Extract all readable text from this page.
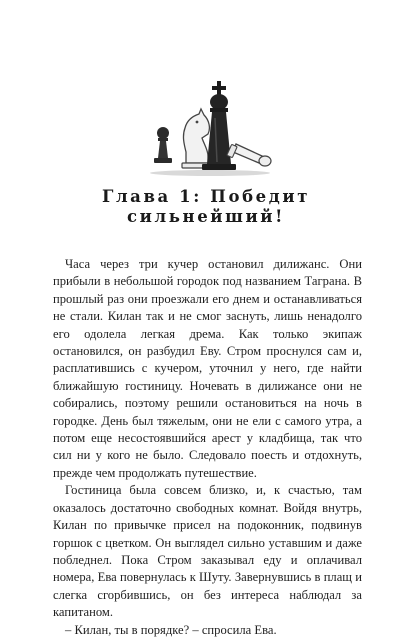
Глава 1: Победит
сильнейший!

Часа через три кучер остановил дилижанс. Они прибыли в небольшой городок под названием Таграна. В прошлый раз они проезжали его днем и останавливаться не стали. Килан так и не смог заснуть, лишь ненадолго его одолела легкая дрема. Как только экипаж остановился, он разбудил Еву. Стром проснулся сам и, расплатившись с кучером, уточнил у него, где найти ближайшую гостиницу. Ночевать в дилижансе они не собирались, поэтому решили остановиться на ночь в городке. День был тяжелым, они не ели с самого утра, а потом еще несостоявшийся арест у кладбища, так что сил ни у кого не было. Следовало поесть и отдохнуть, прежде чем продолжать путешествие.

Гостиница была совсем близко, и, к счастью, там оказалось достаточно свободных комнат. Войдя внутрь, Килан по привычке присел на подоконник, подвинув горшок с цветком. Он выглядел сильно уставшим и даже побледнел. Пока Стром заказывал еду и оплачивал номера, Ева повернулась к Шуту. Завернувшись в плащ и слегка сгорбившись, он без интереса наблюдал за капитаном.

– Килан, ты в порядке? – спросила Ева.
